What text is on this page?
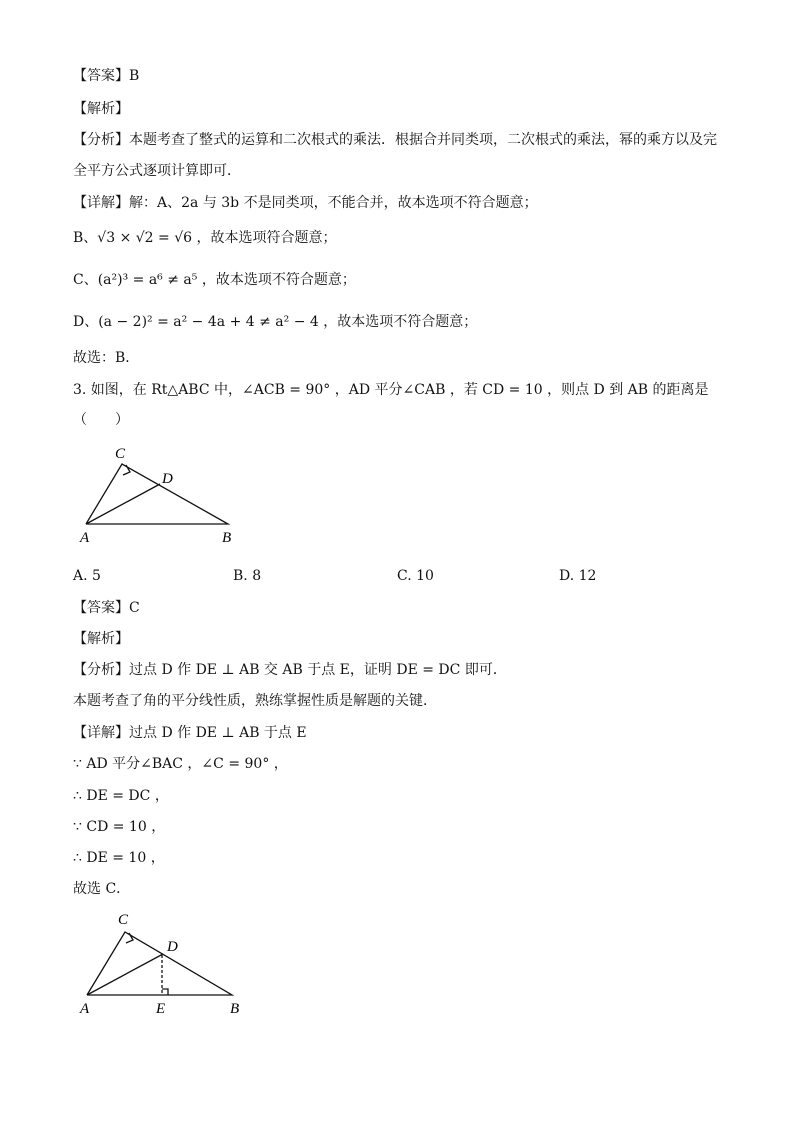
【答案】B
【解析】
【分析】本题考查了整式的运算和二次根式的乘法．根据合并同类项，二次根式的乘法，幂的乘方以及完
全平方公式逐项计算即可．
【详解】解：A、2a 与 3b 不是同类项，不能合并，故本选项不符合题意；
B、√3 × √2 = √6 ，故本选项符合题意；
C、(a²)³ = a⁶ ≠ a⁵ ，故本选项不符合题意；
D、(a − 2)² = a² − 4a + 4 ≠ a² − 4 ，故本选项不符合题意；
故选：B．
3. 如图，在 Rt△ABC 中，∠ACB = 90° ，AD 平分∠CAB ，若 CD = 10 ，则点 D 到 AB 的距离是
（　　）
C
D
A	B
A. 5	B. 8	C. 10	D. 12
【答案】C
【解析】
【分析】过点 D 作 DE ⊥ AB 交 AB 于点 E，证明 DE = DC 即可．
本题考查了角的平分线性质，熟练掌握性质是解题的关键．
【详解】过点 D 作 DE ⊥ AB 于点 E
∵ AD 平分∠BAC ，∠C = 90° ，
∴ DE = DC ，
∵ CD = 10 ，
∴ DE = 10 ，
故选 C．
C
D
A	E	B
